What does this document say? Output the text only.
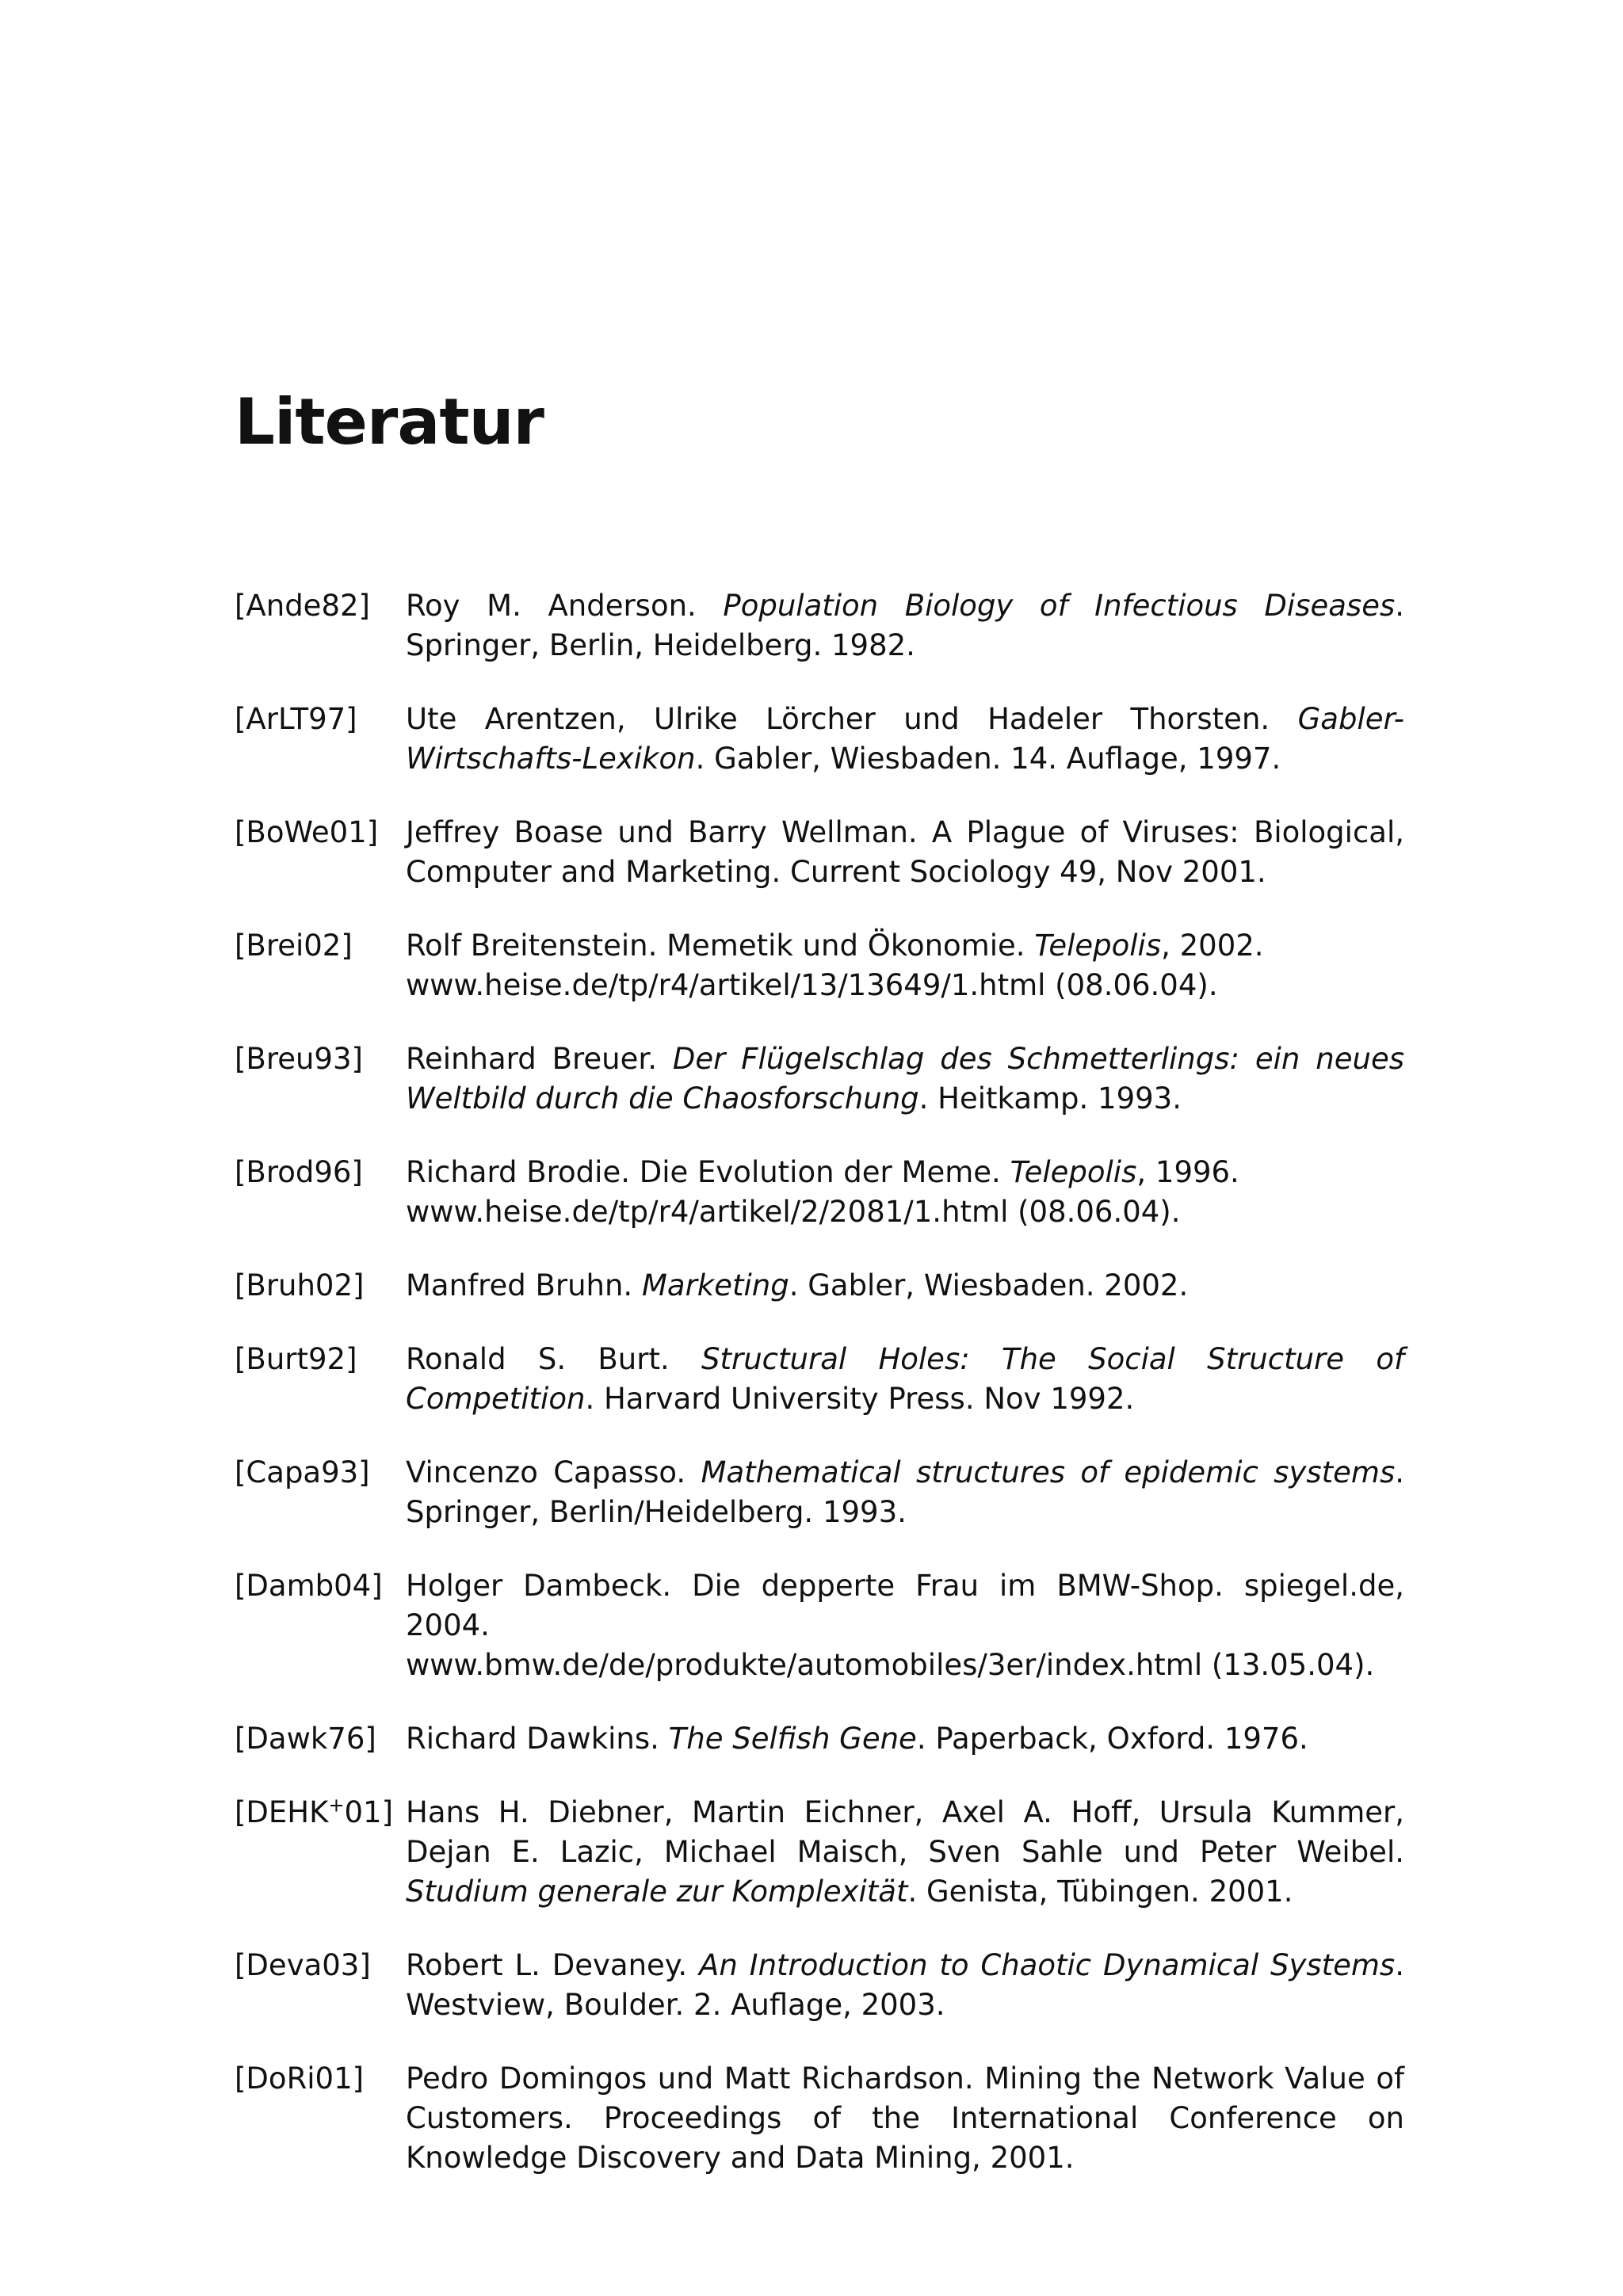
Literatur
[Ande82]	Roy M. Anderson. Population Biology of Infectious Diseases. Springer, Berlin, Heidelberg. 1982.
[ArLT97]	Ute Arentzen, Ulrike Lörcher und Hadeler Thorsten. Gabler-Wirtschafts-Lexikon. Gabler, Wiesbaden. 14. Auflage, 1997.
[BoWe01] Jeffrey Boase und Barry Wellman. A Plague of Viruses: Biological, Computer and Marketing. Current Sociology 49, Nov 2001.
[Brei02]	Rolf Breitenstein. Memetik und Ökonomie. Telepolis, 2002.
www.heise.de/tp/r4/artikel/13/13649/1.html (08.06.04).
[Breu93]	Reinhard Breuer. Der Flügelschlag des Schmetterlings: ein neues Weltbild durch die Chaosforschung. Heitkamp. 1993.
[Brod96]	Richard Brodie. Die Evolution der Meme. Telepolis, 1996.
www.heise.de/tp/r4/artikel/2/2081/1.html (08.06.04).
[Bruh02]	Manfred Bruhn. Marketing. Gabler, Wiesbaden. 2002.
[Burt92]	Ronald S. Burt. Structural Holes: The Social Structure of Competition. Harvard University Press. Nov 1992.
[Capa93]	Vincenzo Capasso. Mathematical structures of epidemic systems. Springer, Berlin/Heidelberg. 1993.
[Damb04] Holger Dambeck. Die depperte Frau im BMW-Shop. spiegel.de, 2004.
www.bmw.de/de/produkte/automobiles/3er/index.html (13.05.04).
[Dawk76]	Richard Dawkins. The Selfish Gene. Paperback, Oxford. 1976.
[DEHK+01] Hans H. Diebner, Martin Eichner, Axel A. Hoff, Ursula Kummer, Dejan E. Lazic, Michael Maisch, Sven Sahle und Peter Weibel. Studium generale zur Komplexität. Genista, Tübingen. 2001.
[Deva03]	Robert L. Devaney. An Introduction to Chaotic Dynamical Systems. Westview, Boulder. 2. Auflage, 2003.
[DoRi01]	Pedro Domingos und Matt Richardson. Mining the Network Value of Customers. Proceedings of the International Conference on Knowledge Discovery and Data Mining, 2001.
